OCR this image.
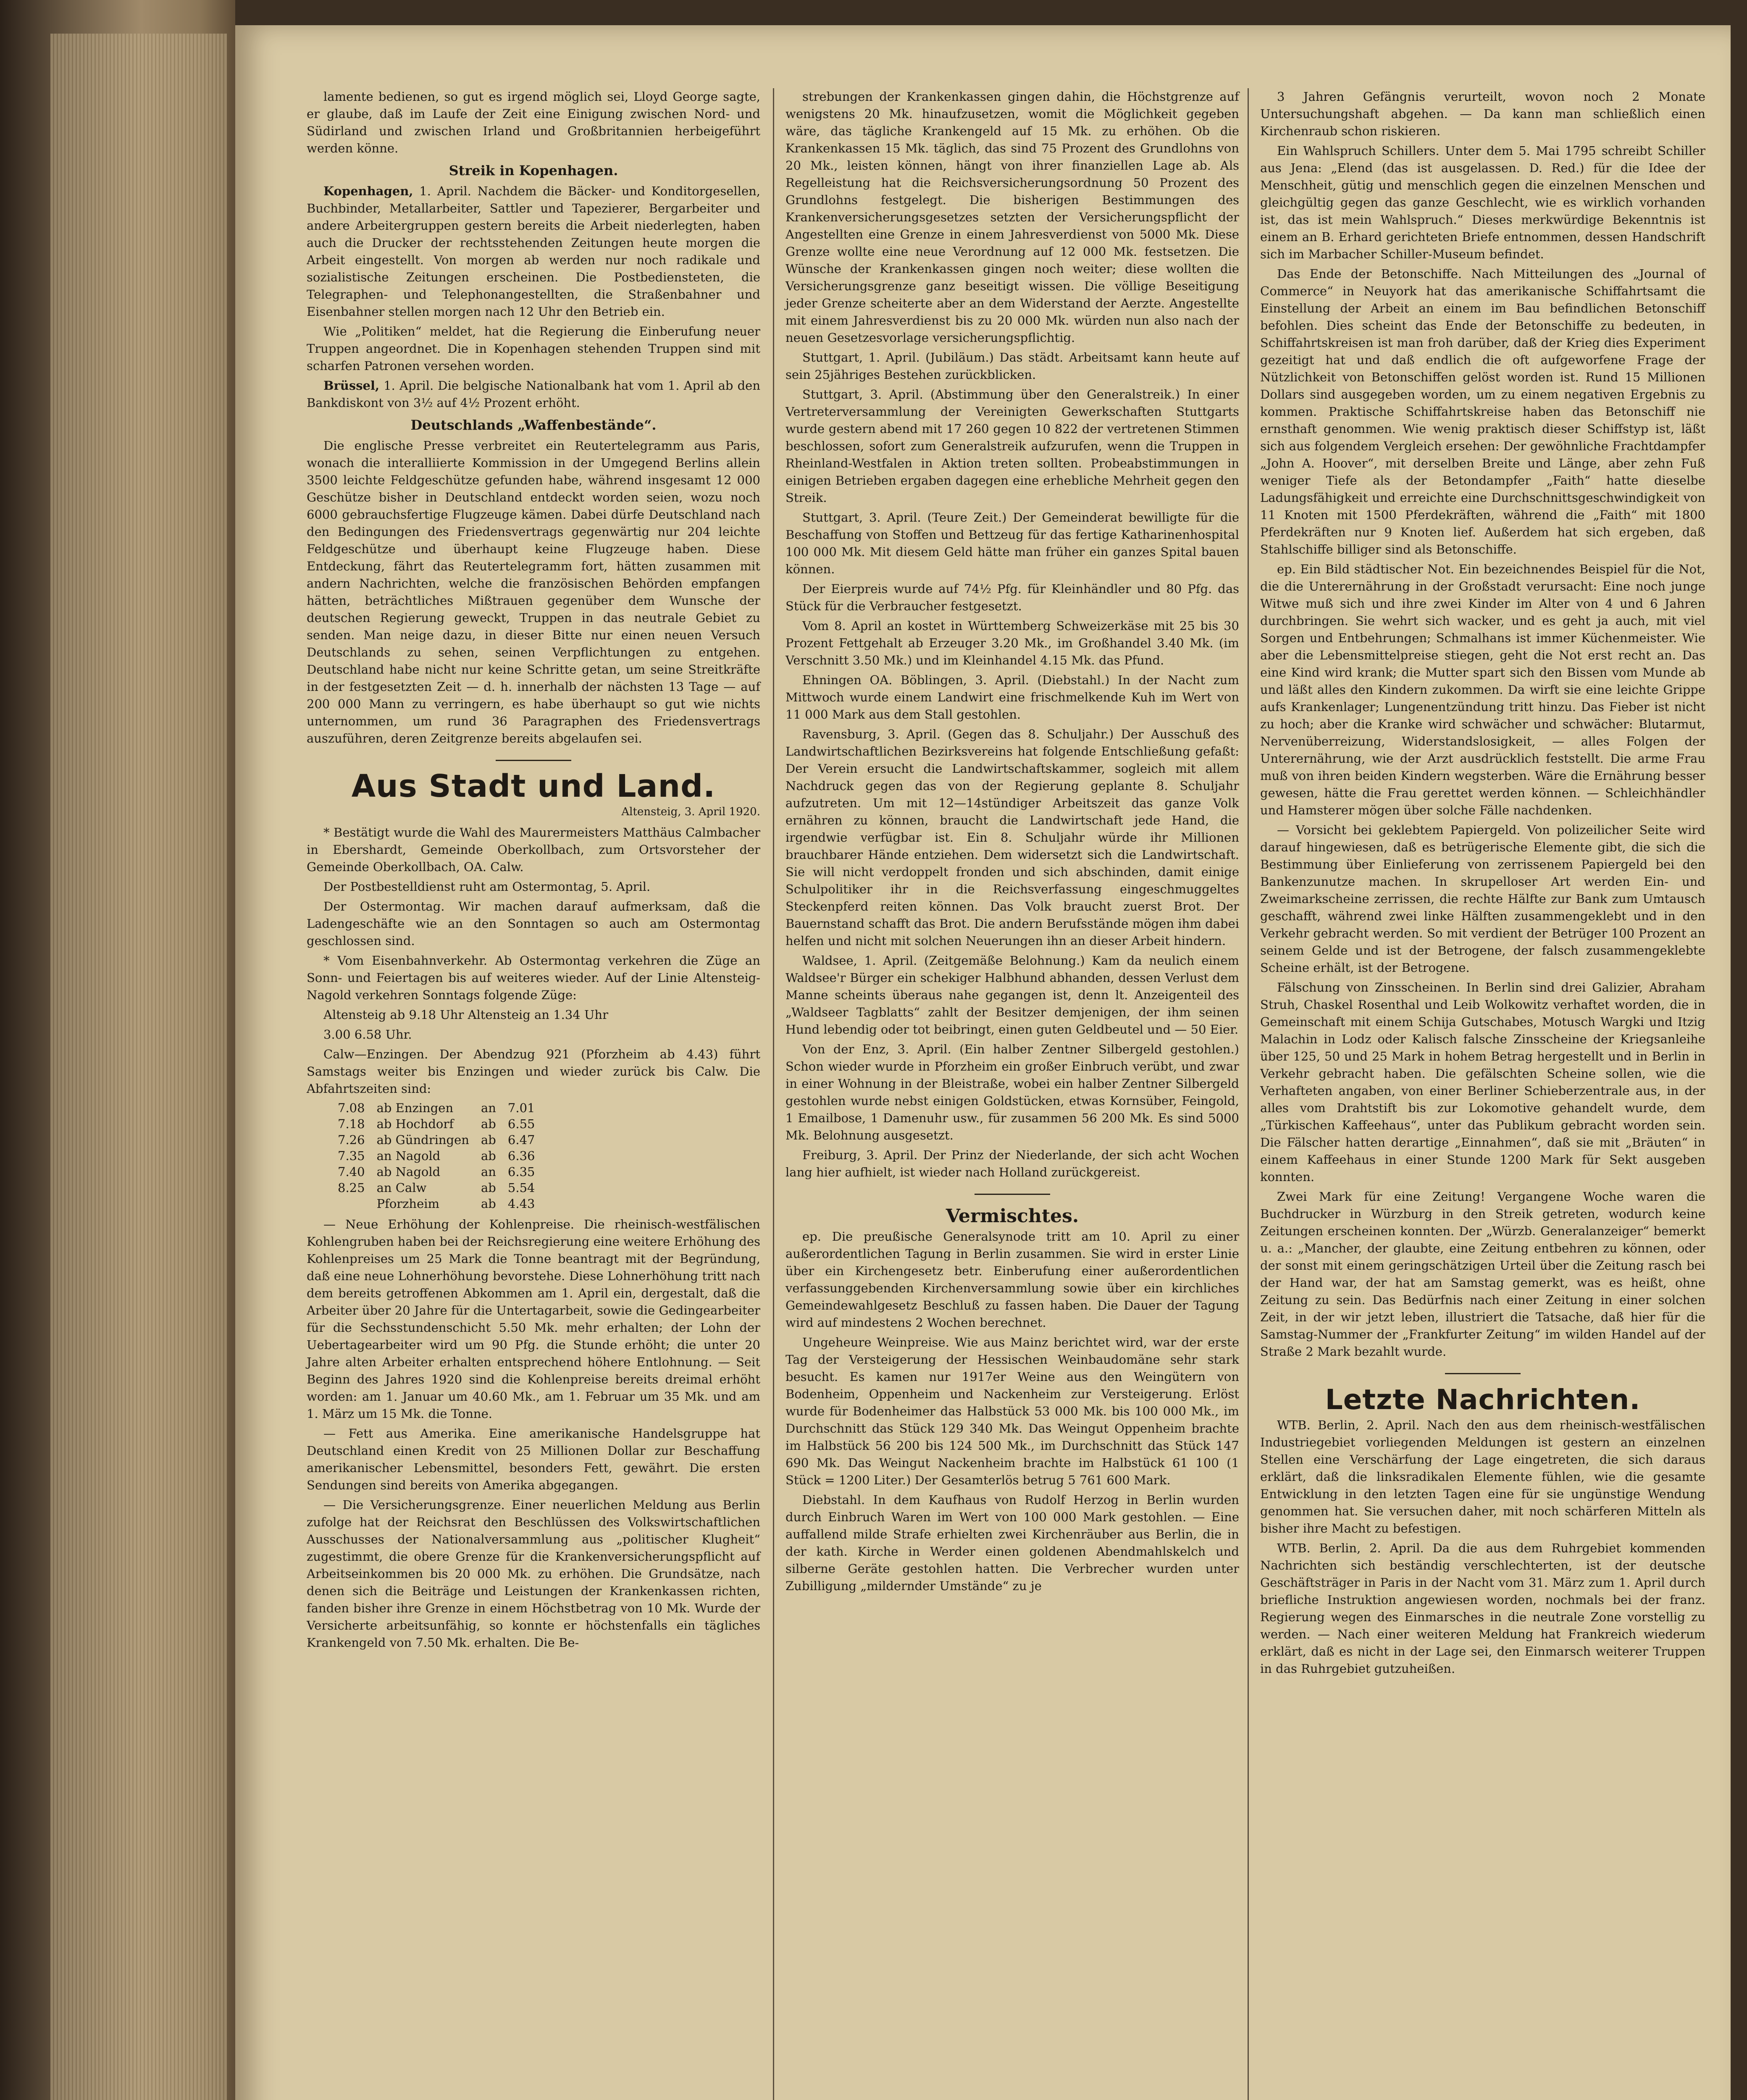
lamente bedienen, so gut es irgend möglich sei, Lloyd George sagte, er glaube, daß im Laufe der Zeit eine Einigung zwischen Nord- und Südirland und zwischen Irland und Großbritannien herbeigeführt werden könne.

Streik in Kopenhagen.

Kopenhagen, 1. April. Nachdem die Bäcker- und Konditorgesellen, Buchbinder, Metallarbeiter, Sattler und Tapezierer, Bergarbeiter und andere Arbeitergruppen gestern bereits die Arbeit niederlegten, haben auch die Drucker der rechtsstehenden Zeitungen heute morgen die Arbeit eingestellt. Von morgen ab werden nur noch radikale und sozialistische Zeitungen erscheinen. Die Postbediensteten, die Telegraphen- und Telephonangestellten, die Straßenbahner und Eisenbahner stellen morgen nach 12 Uhr den Betrieb ein.

Wie „Politiken“ meldet, hat die Regierung die Einberufung neuer Truppen angeordnet. Die in Kopenhagen stehenden Truppen sind mit scharfen Patronen versehen worden.

Brüssel, 1. April. Die belgische Nationalbank hat vom 1. April ab den Bankdiskont von 3½ auf 4½ Prozent erhöht.

Deutschlands „Waffenbestände“.

Die englische Presse verbreitet ein Reutertelegramm aus Paris, wonach die interalliierte Kommission in der Umgegend Berlins allein 3500 leichte Feldgeschütze gefunden habe, während insgesamt 12 000 Geschütze bisher in Deutschland entdeckt worden seien, wozu noch 6000 gebrauchsfertige Flugzeuge kämen. Dabei dürfe Deutschland nach den Bedingungen des Friedensvertrags gegenwärtig nur 204 leichte Feldgeschütze und überhaupt keine Flugzeuge haben. Diese Entdeckung, fährt das Reutertelegramm fort, hätten zusammen mit andern Nachrichten, welche die französischen Behörden empfangen hätten, beträchtliches Mißtrauen gegenüber dem Wunsche der deutschen Regierung geweckt, Truppen in das neutrale Gebiet zu senden. Man neige dazu, in dieser Bitte nur einen neuen Versuch Deutschlands zu sehen, seinen Verpflichtungen zu entgehen. Deutschland habe nicht nur keine Schritte getan, um seine Streitkräfte in der festgesetzten Zeit — d. h. innerhalb der nächsten 13 Tage — auf 200 000 Mann zu verringern, es habe überhaupt so gut wie nichts unternommen, um rund 36 Paragraphen des Friedensvertrags auszuführen, deren Zeitgrenze bereits abgelaufen sei.

Aus Stadt und Land.
Altensteig, 3. April 1920.

* Bestätigt wurde die Wahl des Maurermeisters Matthäus Calmbacher in Ebershardt, Gemeinde Oberkollbach, zum Ortsvorsteher der Gemeinde Oberkollbach, OA. Calw.

Der Postbestelldienst ruht am Ostermontag, 5. April.

Der Ostermontag. Wir machen darauf aufmerksam, daß die Ladengeschäfte wie an den Sonntagen so auch am Ostermontag geschlossen sind.

* Vom Eisenbahnverkehr. Ab Ostermontag verkehren die Züge an Sonn- und Feiertagen bis auf weiteres wieder. Auf der Linie Altensteig-Nagold verkehren Sonntags folgende Züge:

Altensteig ab 9.18 Uhr Altensteig an 1.34 Uhr

3.00 6.58 Uhr.

Calw—Enzingen. Der Abendzug 921 (Pforzheim ab 4.43) führt Samstags weiter bis Enzingen und wieder zurück bis Calw. Die Abfahrtszeiten sind:

7.08	ab Enzingen	an	7.01
7.18	ab Hochdorf	ab	6.55
7.26	ab Gündringen	ab	6.47
7.35	an Nagold	ab	6.36
7.40	ab Nagold	an	6.35
8.25	an Calw	ab	5.54
	Pforzheim	ab	4.43

— Neue Erhöhung der Kohlenpreise. Die rheinisch-westfälischen Kohlengruben haben bei der Reichsregierung eine weitere Erhöhung des Kohlenpreises um 25 Mark die Tonne beantragt mit der Begründung, daß eine neue Lohnerhöhung bevorstehe. Diese Lohnerhöhung tritt nach dem bereits getroffenen Abkommen am 1. April ein, dergestalt, daß die Arbeiter über 20 Jahre für die Untertagarbeit, sowie die Gedingearbeiter für die Sechsstundenschicht 5.50 Mk. mehr erhalten; der Lohn der Uebertagearbeiter wird um 90 Pfg. die Stunde erhöht; die unter 20 Jahre alten Arbeiter erhalten entsprechend höhere Entlohnung. — Seit Beginn des Jahres 1920 sind die Kohlenpreise bereits dreimal erhöht worden: am 1. Januar um 40.60 Mk., am 1. Februar um 35 Mk. und am 1. März um 15 Mk. die Tonne.

— Fett aus Amerika. Eine amerikanische Handelsgruppe hat Deutschland einen Kredit von 25 Millionen Dollar zur Beschaffung amerikanischer Lebensmittel, besonders Fett, gewährt. Die ersten Sendungen sind bereits von Amerika abgegangen.

— Die Versicherungsgrenze. Einer neuerlichen Meldung aus Berlin zufolge hat der Reichsrat den Beschlüssen des Volkswirtschaftlichen Ausschusses der Nationalversammlung aus „politischer Klugheit“ zugestimmt, die obere Grenze für die Krankenversicherungspflicht auf Arbeitseinkommen bis 20 000 Mk. zu erhöhen. Die Grundsätze, nach denen sich die Beiträge und Leistungen der Krankenkassen richten, fanden bisher ihre Grenze in einem Höchstbetrag von 10 Mk. Wurde der Versicherte arbeitsunfähig, so konnte er höchstenfalls ein tägliches Krankengeld von 7.50 Mk. erhalten. Die Be-

strebungen der Krankenkassen gingen dahin, die Höchstgrenze auf wenigstens 20 Mk. hinaufzusetzen, womit die Möglichkeit gegeben wäre, das tägliche Krankengeld auf 15 Mk. zu erhöhen. Ob die Krankenkassen 15 Mk. täglich, das sind 75 Prozent des Grundlohns von 20 Mk., leisten können, hängt von ihrer finanziellen Lage ab. Als Regelleistung hat die Reichsversicherungsordnung 50 Prozent des Grundlohns festgelegt. Die bisherigen Bestimmungen des Krankenversicherungsgesetzes setzten der Versicherungspflicht der Angestellten eine Grenze in einem Jahresverdienst von 5000 Mk. Diese Grenze wollte eine neue Verordnung auf 12 000 Mk. festsetzen. Die Wünsche der Krankenkassen gingen noch weiter; diese wollten die Versicherungsgrenze ganz beseitigt wissen. Die völlige Beseitigung jeder Grenze scheiterte aber an dem Widerstand der Aerzte. Angestellte mit einem Jahresverdienst bis zu 20 000 Mk. würden nun also nach der neuen Gesetzesvorlage versicherungspflichtig.

Stuttgart, 1. April. (Jubiläum.) Das städt. Arbeitsamt kann heute auf sein 25jähriges Bestehen zurückblicken.

Stuttgart, 3. April. (Abstimmung über den Generalstreik.) In einer Vertreterversammlung der Vereinigten Gewerkschaften Stuttgarts wurde gestern abend mit 17 260 gegen 10 822 der vertretenen Stimmen beschlossen, sofort zum Generalstreik aufzurufen, wenn die Truppen in Rheinland-Westfalen in Aktion treten sollten. Probeabstimmungen in einigen Betrieben ergaben dagegen eine erhebliche Mehrheit gegen den Streik.

Stuttgart, 3. April. (Teure Zeit.) Der Gemeinderat bewilligte für die Beschaffung von Stoffen und Bettzeug für das fertige Katharinenhospital 100 000 Mk. Mit diesem Geld hätte man früher ein ganzes Spital bauen können.

Der Eierpreis wurde auf 74½ Pfg. für Kleinhändler und 80 Pfg. das Stück für die Verbraucher festgesetzt.

Vom 8. April an kostet in Württemberg Schweizerkäse mit 25 bis 30 Prozent Fettgehalt ab Erzeuger 3.20 Mk., im Großhandel 3.40 Mk. (im Verschnitt 3.50 Mk.) und im Kleinhandel 4.15 Mk. das Pfund.

Ehningen OA. Böblingen, 3. April. (Diebstahl.) In der Nacht zum Mittwoch wurde einem Landwirt eine frischmelkende Kuh im Wert von 11 000 Mark aus dem Stall gestohlen.

Ravensburg, 3. April. (Gegen das 8. Schuljahr.) Der Ausschuß des Landwirtschaftlichen Bezirksvereins hat folgende Entschließung gefaßt: Der Verein ersucht die Landwirtschaftskammer, sogleich mit allem Nachdruck gegen das von der Regierung geplante 8. Schuljahr aufzutreten. Um mit 12—14stündiger Arbeitszeit das ganze Volk ernähren zu können, braucht die Landwirtschaft jede Hand, die irgendwie verfügbar ist. Ein 8. Schuljahr würde ihr Millionen brauchbarer Hände entziehen. Dem widersetzt sich die Landwirtschaft. Sie will nicht verdoppelt fronden und sich abschinden, damit einige Schulpolitiker ihr in die Reichsverfassung eingeschmuggeltes Steckenpferd reiten können. Das Volk braucht zuerst Brot. Der Bauernstand schafft das Brot. Die andern Berufsstände mögen ihm dabei helfen und nicht mit solchen Neuerungen ihn an dieser Arbeit hindern.

Waldsee, 1. April. (Zeitgemäße Belohnung.) Kam da neulich einem Waldsee'r Bürger ein schekiger Halbhund abhanden, dessen Verlust dem Manne scheints überaus nahe gegangen ist, denn lt. Anzeigenteil des „Waldseer Tagblatts“ zahlt der Besitzer demjenigen, der ihm seinen Hund lebendig oder tot beibringt, einen guten Geldbeutel und — 50 Eier.

Von der Enz, 3. April. (Ein halber Zentner Silbergeld gestohlen.) Schon wieder wurde in Pforzheim ein großer Einbruch verübt, und zwar in einer Wohnung in der Bleistraße, wobei ein halber Zentner Silbergeld gestohlen wurde nebst einigen Goldstücken, etwas Kornsüber, Feingold, 1 Emailbose, 1 Damenuhr usw., für zusammen 56 200 Mk. Es sind 5000 Mk. Belohnung ausgesetzt.

Freiburg, 3. April. Der Prinz der Niederlande, der sich acht Wochen lang hier aufhielt, ist wieder nach Holland zurückgereist.

Vermischtes.

ep. Die preußische Generalsynode tritt am 10. April zu einer außerordentlichen Tagung in Berlin zusammen. Sie wird in erster Linie über ein Kirchengesetz betr. Einberufung einer außerordentlichen verfassunggebenden Kirchenversammlung sowie über ein kirchliches Gemeindewahlgesetz Beschluß zu fassen haben. Die Dauer der Tagung wird auf mindestens 2 Wochen berechnet.

Ungeheure Weinpreise. Wie aus Mainz berichtet wird, war der erste Tag der Versteigerung der Hessischen Weinbaudomäne sehr stark besucht. Es kamen nur 1917er Weine aus den Weingütern von Bodenheim, Oppenheim und Nackenheim zur Versteigerung. Erlöst wurde für Bodenheimer das Halbstück 53 000 Mk. bis 100 000 Mk., im Durchschnitt das Stück 129 340 Mk. Das Weingut Oppenheim brachte im Halbstück 56 200 bis 124 500 Mk., im Durchschnitt das Stück 147 690 Mk. Das Weingut Nackenheim brachte im Halbstück 61 100 (1 Stück = 1200 Liter.) Der Gesamterlös betrug 5 761 600 Mark.

Diebstahl. In dem Kaufhaus von Rudolf Herzog in Berlin wurden durch Einbruch Waren im Wert von 100 000 Mark gestohlen. — Eine auffallend milde Strafe erhielten zwei Kirchenräuber aus Berlin, die in der kath. Kirche in Werder einen goldenen Abendmahlskelch und silberne Geräte gestohlen hatten. Die Verbrecher wurden unter Zubilligung „mildernder Umstände“ zu je

3 Jahren Gefängnis verurteilt, wovon noch 2 Monate Untersuchungshaft abgehen. — Da kann man schließlich einen Kirchenraub schon riskieren.

Ein Wahlspruch Schillers. Unter dem 5. Mai 1795 schreibt Schiller aus Jena: „Elend (das ist ausgelassen. D. Red.) für die Idee der Menschheit, gütig und menschlich gegen die einzelnen Menschen und gleichgültig gegen das ganze Geschlecht, wie es wirklich vorhanden ist, das ist mein Wahlspruch.“ Dieses merkwürdige Bekenntnis ist einem an B. Erhard gerichteten Briefe entnommen, dessen Handschrift sich im Marbacher Schiller-Museum befindet.

Das Ende der Betonschiffe. Nach Mitteilungen des „Journal of Commerce“ in Neuyork hat das amerikanische Schiffahrtsamt die Einstellung der Arbeit an einem im Bau befindlichen Betonschiff befohlen. Dies scheint das Ende der Betonschiffe zu bedeuten, in Schiffahrtskreisen ist man froh darüber, daß der Krieg dies Experiment gezeitigt hat und daß endlich die oft aufgeworfene Frage der Nützlichkeit von Betonschiffen gelöst worden ist. Rund 15 Millionen Dollars sind ausgegeben worden, um zu einem negativen Ergebnis zu kommen. Praktische Schiffahrtskreise haben das Betonschiff nie ernsthaft genommen. Wie wenig praktisch dieser Schiffstyp ist, läßt sich aus folgendem Vergleich ersehen: Der gewöhnliche Frachtdampfer „John A. Hoover“, mit derselben Breite und Länge, aber zehn Fuß weniger Tiefe als der Betondampfer „Faith“ hatte dieselbe Ladungsfähigkeit und erreichte eine Durchschnittsgeschwindigkeit von 11 Knoten mit 1500 Pferdekräften, während die „Faith“ mit 1800 Pferdekräften nur 9 Knoten lief. Außerdem hat sich ergeben, daß Stahlschiffe billiger sind als Betonschiffe.

ep. Ein Bild städtischer Not. Ein bezeichnendes Beispiel für die Not, die die Unterernährung in der Großstadt verursacht: Eine noch junge Witwe muß sich und ihre zwei Kinder im Alter von 4 und 6 Jahren durchbringen. Sie wehrt sich wacker, und es geht ja auch, mit viel Sorgen und Entbehrungen; Schmalhans ist immer Küchenmeister. Wie aber die Lebensmittelpreise stiegen, geht die Not erst recht an. Das eine Kind wird krank; die Mutter spart sich den Bissen vom Munde ab und läßt alles den Kindern zukommen. Da wirft sie eine leichte Grippe aufs Krankenlager; Lungenentzündung tritt hinzu. Das Fieber ist nicht zu hoch; aber die Kranke wird schwächer und schwächer: Blutarmut, Nervenüberreizung, Widerstandslosigkeit, — alles Folgen der Unterernährung, wie der Arzt ausdrücklich feststellt. Die arme Frau muß von ihren beiden Kindern wegsterben. Wäre die Ernährung besser gewesen, hätte die Frau gerettet werden können. — Schleichhändler und Hamsterer mögen über solche Fälle nachdenken.

— Vorsicht bei geklebtem Papiergeld. Von polizeilicher Seite wird darauf hingewiesen, daß es betrügerische Elemente gibt, die sich die Bestimmung über Einlieferung von zerrissenem Papiergeld bei den Bankenzunutze machen. In skrupelloser Art werden Ein- und Zweimarkscheine zerrissen, die rechte Hälfte zur Bank zum Umtausch geschafft, während zwei linke Hälften zusammengeklebt und in den Verkehr gebracht werden. So mit verdient der Betrüger 100 Prozent an seinem Gelde und ist der Betrogene, der falsch zusammengeklebte Scheine erhält, ist der Betrogene.

Fälschung von Zinsscheinen. In Berlin sind drei Galizier, Abraham Struh, Chaskel Rosenthal und Leib Wolkowitz verhaftet worden, die in Gemeinschaft mit einem Schija Gutschabes, Motusch Wargki und Itzig Malachin in Lodz oder Kalisch falsche Zinsscheine der Kriegsanleihe über 125, 50 und 25 Mark in hohem Betrag hergestellt und in Berlin in Verkehr gebracht haben. Die gefälschten Scheine sollen, wie die Verhafteten angaben, von einer Berliner Schieberzentrale aus, in der alles vom Drahtstift bis zur Lokomotive gehandelt wurde, dem „Türkischen Kaffeehaus“, unter das Publikum gebracht worden sein. Die Fälscher hatten derartige „Einnahmen“, daß sie mit „Bräuten“ in einem Kaffeehaus in einer Stunde 1200 Mark für Sekt ausgeben konnten.

Zwei Mark für eine Zeitung! Vergangene Woche waren die Buchdrucker in Würzburg in den Streik getreten, wodurch keine Zeitungen erscheinen konnten. Der „Würzb. Generalanzeiger“ bemerkt u. a.: „Mancher, der glaubte, eine Zeitung entbehren zu können, oder der sonst mit einem geringschätzigen Urteil über die Zeitung rasch bei der Hand war, der hat am Samstag gemerkt, was es heißt, ohne Zeitung zu sein. Das Bedürfnis nach einer Zeitung in einer solchen Zeit, in der wir jetzt leben, illustriert die Tatsache, daß hier für die Samstag-Nummer der „Frankfurter Zeitung“ im wilden Handel auf der Straße 2 Mark bezahlt wurde.

Letzte Nachrichten.

WTB. Berlin, 2. April. Nach den aus dem rheinisch-westfälischen Industriegebiet vorliegenden Meldungen ist gestern an einzelnen Stellen eine Verschärfung der Lage eingetreten, die sich daraus erklärt, daß die linksradikalen Elemente fühlen, wie die gesamte Entwicklung in den letzten Tagen eine für sie ungünstige Wendung genommen hat. Sie versuchen daher, mit noch schärferen Mitteln als bisher ihre Macht zu befestigen.

WTB. Berlin, 2. April. Da die aus dem Ruhrgebiet kommenden Nachrichten sich beständig verschlechterten, ist der deutsche Geschäftsträger in Paris in der Nacht vom 31. März zum 1. April durch briefliche Instruktion angewiesen worden, nochmals bei der franz. Regierung wegen des Einmarsches in die neutrale Zone vorstellig zu werden. — Nach einer weiteren Meldung hat Frankreich wiederum erklärt, daß es nicht in der Lage sei, den Einmarsch weiterer Truppen in das Ruhrgebiet gutzuheißen.
